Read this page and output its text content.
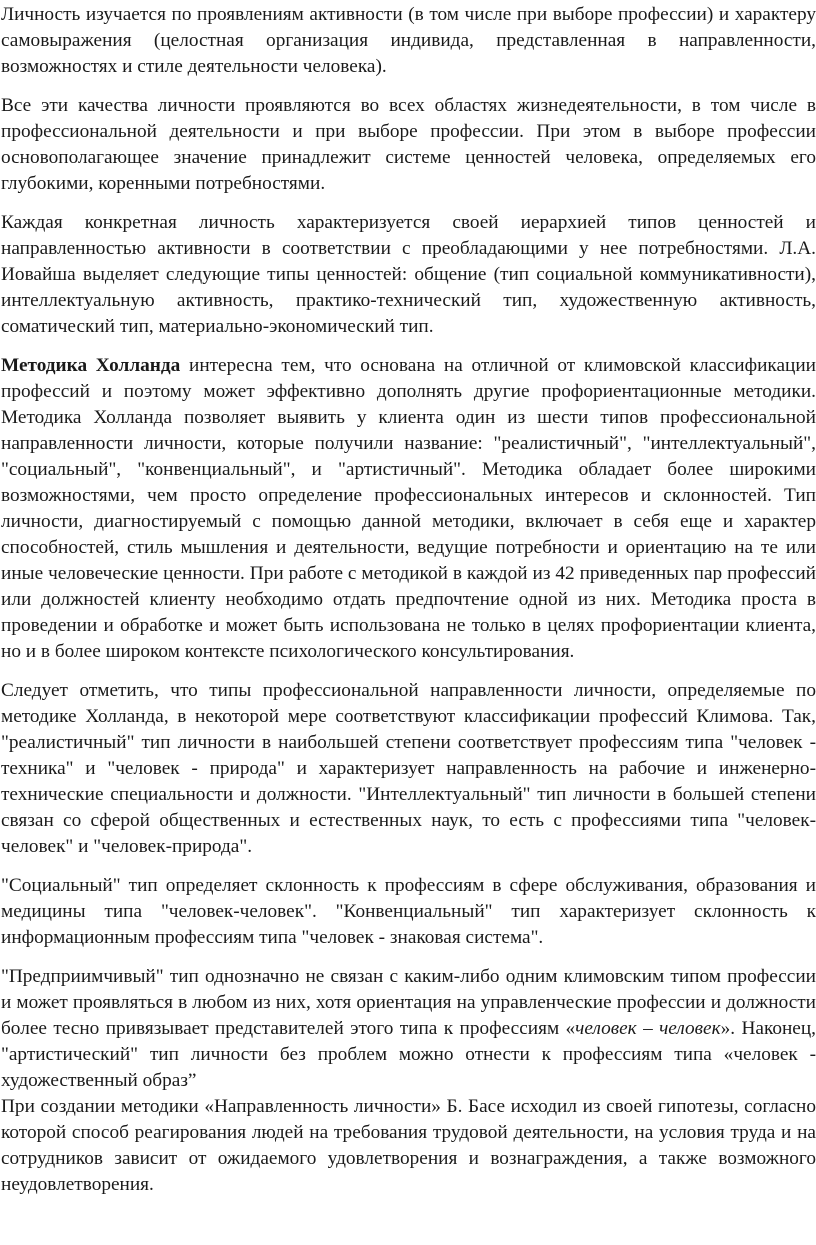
Личность изучается по проявлениям активности (в том числе при выборе профессии) и характеру самовыражения (целостная организация индивида, представленная в направленности, возможностях и стиле деятельности человека).

Все эти качества личности проявляются во всех областях жизнедеятельности, в том числе в профессиональной деятельности и при выборе профессии. При этом в выборе профессии основополагающее значение принадлежит системе ценностей человека, определяемых его глубокими, коренными потребностями.

Каждая конкретная личность характеризуется своей иерархией типов ценностей и направленностью активности в соответствии с преобладающими у нее потребностями. Л.А. Иовайша выделяет следующие типы ценностей: общение (тип социальной коммуникативности), интеллектуальную активность, практико-технический тип, художественную активность, соматический тип, материально-экономический тип.

Методика Холланда интересна тем, что основана на отличной от климовской классификации профессий и поэтому может эффективно дополнять другие профориентационные методики. Методика Холланда позволяет выявить у клиента один из шести типов профессиональной направленности личности, которые получили название: "реалистичный", "интеллектуальный", "социальный", "конвенциальный", и "артистичный". Методика обладает более широкими возможностями, чем просто определение профессиональных интересов и склонностей. Тип личности, диагностируемый с помощью данной методики, включает в себя еще и характер способностей, стиль мышления и деятельности, ведущие потребности и ориентацию на те или иные человеческие ценности. При работе с методикой в каждой из 42 приведенных пар профессий или должностей клиенту необходимо отдать предпочтение одной из них. Методика проста в проведении и обработке и может быть использована не только в целях профориентации клиента, но и в более широком контексте психологического консультирования.

Следует отметить, что типы профессиональной направленности личности, определяемые по методике Холланда, в некоторой мере соответствуют классификации профессий Климова. Так, "реалистичный" тип личности в наибольшей степени соответствует профессиям типа "человек - техника" и "человек - природа" и характеризует направленность на рабочие и инженерно-технические специальности и должности. "Интеллектуальный" тип личности в большей степени связан со сферой общественных и естественных наук, то есть с профессиями типа "человек-человек" и "человек-природа".

"Социальный" тип определяет склонность к профессиям в сфере обслуживания, образования и медицины типа "человек-человек". "Конвенциальный" тип характеризует склонность к информационным профессиям типа "человек - знаковая система".

"Предприимчивый" тип однозначно не связан с каким-либо одним климовским типом профессии и может проявляться в любом из них, хотя ориентация на управленческие профессии и должности более тесно привязывает представителей этого типа к профессиям «человек – человек». Наконец, "артистический" тип личности без проблем можно отнести к профессиям типа «человек - художественный образ”

При создании методики «Направленность личности» Б. Басе исходил из своей гипотезы, согласно которой способ реагирования людей на требования трудовой деятельности, на условия труда и на сотрудников зависит от ожидаемого удовлетворения и вознаграждения, а также возможного неудовлетворения.
